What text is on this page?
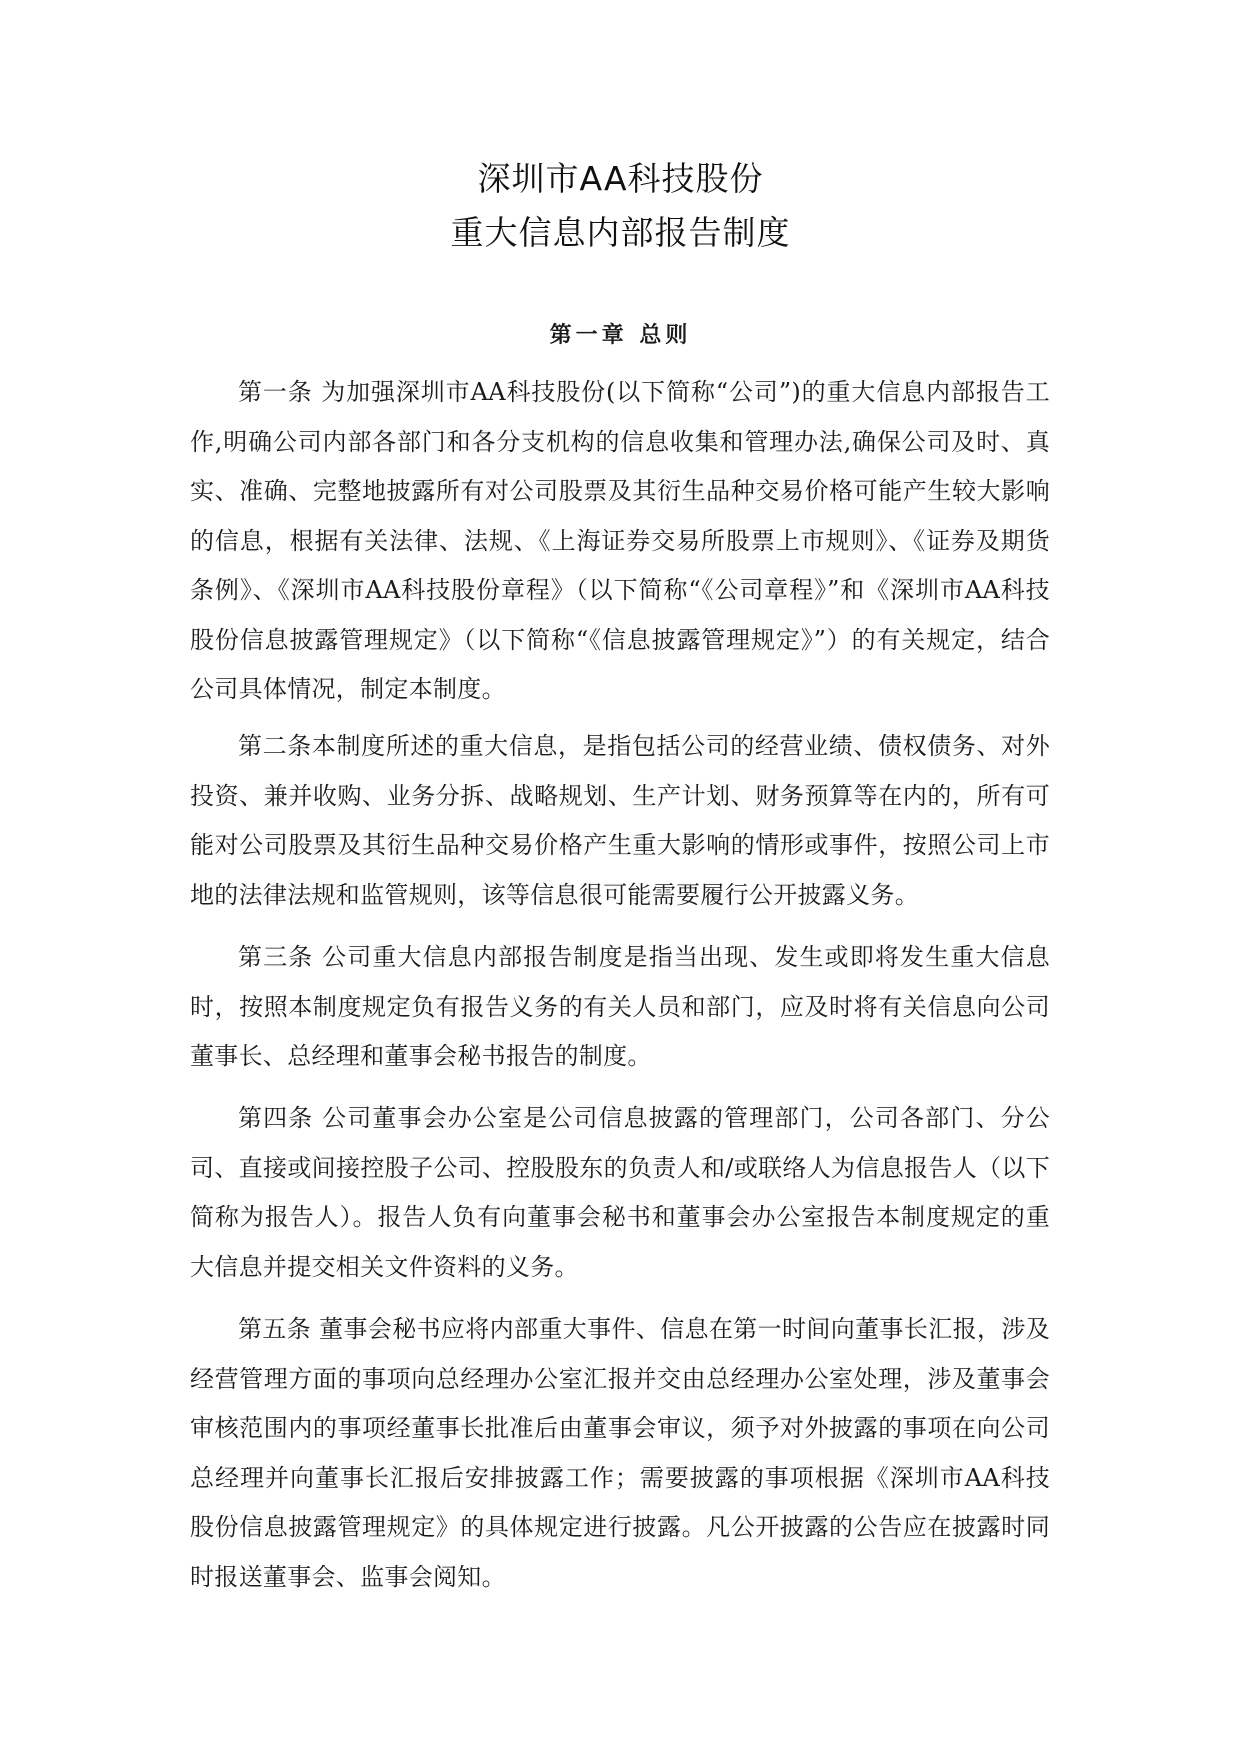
深圳市AA科技股份
重大信息内部报告制度
第一章 总则

第一条 为加强深圳市AA科技股份(以下简称“公司”)的重大信息内部报告工作,明确公司内部各部门和各分支机构的信息收集和管理办法,确保公司及时、真实、准确、完整地披露所有对公司股票及其衍生品种交易价格可能产生较大影响的信息，根据有关法律、法规、《上海证券交易所股票上市规则》、《证券及期货条例》、《深圳市AA科技股份章程》（以下简称“《公司章程》”和《深圳市AA科技股份信息披露管理规定》（以下简称“《信息披露管理规定》”）的有关规定，结合公司具体情况，制定本制度。

第二条本制度所述的重大信息，是指包括公司的经营业绩、债权债务、对外投资、兼并收购、业务分拆、战略规划、生产计划、财务预算等在内的，所有可能对公司股票及其衍生品种交易价格产生重大影响的情形或事件，按照公司上市地的法律法规和监管规则，该等信息很可能需要履行公开披露义务。

第三条 公司重大信息内部报告制度是指当出现、发生或即将发生重大信息时，按照本制度规定负有报告义务的有关人员和部门，应及时将有关信息向公司董事长、总经理和董事会秘书报告的制度。

第四条 公司董事会办公室是公司信息披露的管理部门，公司各部门、分公司、直接或间接控股子公司、控股股东的负责人和/或联络人为信息报告人（以下简称为报告人）。报告人负有向董事会秘书和董事会办公室报告本制度规定的重大信息并提交相关文件资料的义务。

第五条 董事会秘书应将内部重大事件、信息在第一时间向董事长汇报，涉及经营管理方面的事项向总经理办公室汇报并交由总经理办公室处理，涉及董事会审核范围内的事项经董事长批准后由董事会审议，须予对外披露的事项在向公司总经理并向董事长汇报后安排披露工作；需要披露的事项根据《深圳市AA科技股份信息披露管理规定》的具体规定进行披露。凡公开披露的公告应在披露时同时报送董事会、监事会阅知。
